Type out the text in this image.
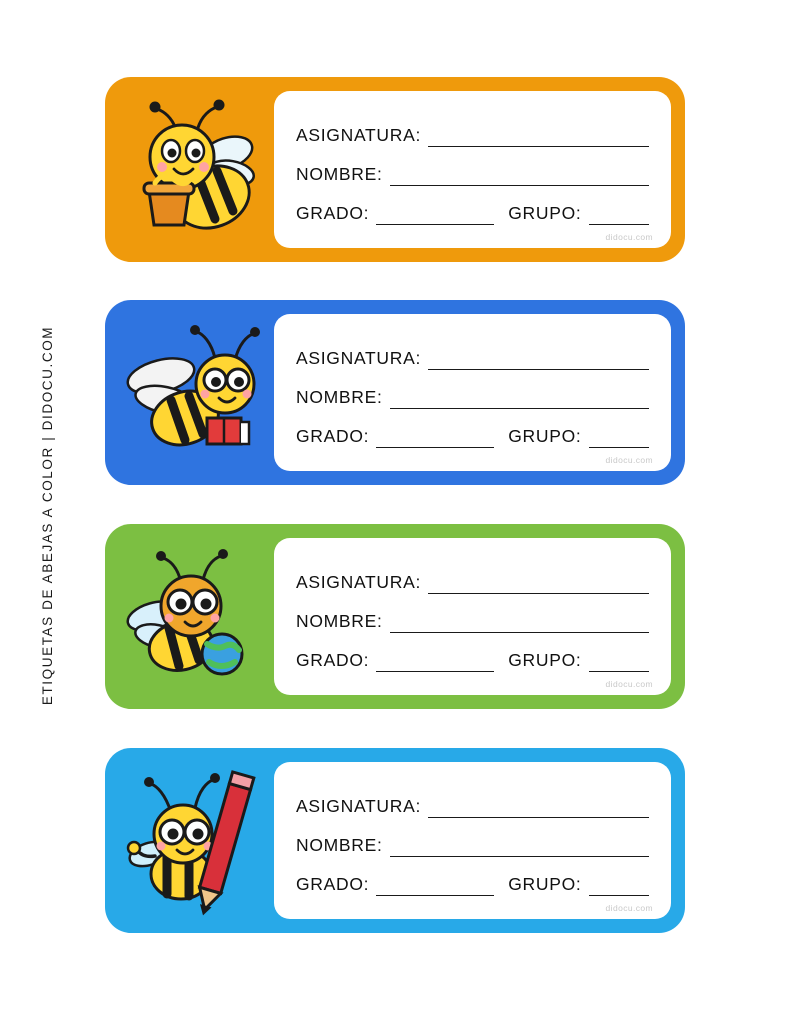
ETIQUETAS DE ABEJAS A COLOR | DIDOCU.COM
ASIGNATURA:
NOMBRE:
GRADO:	GRUPO:
didocu.com
ASIGNATURA:
NOMBRE:
GRADO:	GRUPO:
didocu.com
ASIGNATURA:
NOMBRE:
GRADO:	GRUPO:
didocu.com
ASIGNATURA:
NOMBRE:
GRADO:	GRUPO:
didocu.com
